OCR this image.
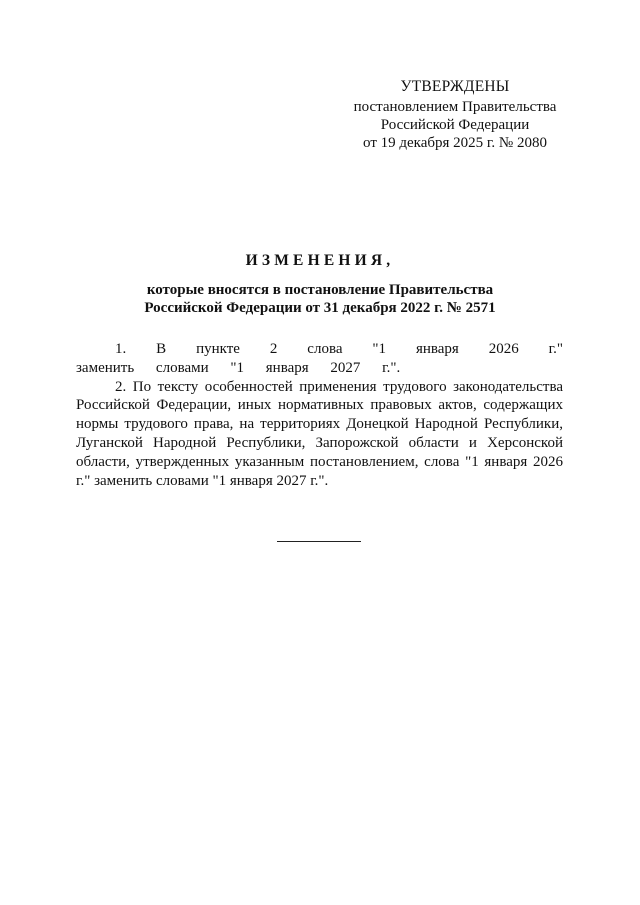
УТВЕРЖДЕНЫ
постановлением Правительства
Российской Федерации
от 19 декабря 2025 г. № 2080
ИЗМЕНЕНИЯ,
которые вносятся в постановление Правительства
Российской Федерации от 31 декабря 2022 г. № 2571

1. В пункте 2 слова "1 января 2026 г." заменить словами "1 января 2027 г.".

2. По тексту особенностей применения трудового законодательства Российской Федерации, иных нормативных правовых актов, содержащих нормы трудового права, на территориях Донецкой Народной Республики, Луганской Народной Республики, Запорожской области и Херсонской области, утвержденных указанным постановлением, слова "1 января 2026 г." заменить словами "1 января 2027 г.".
